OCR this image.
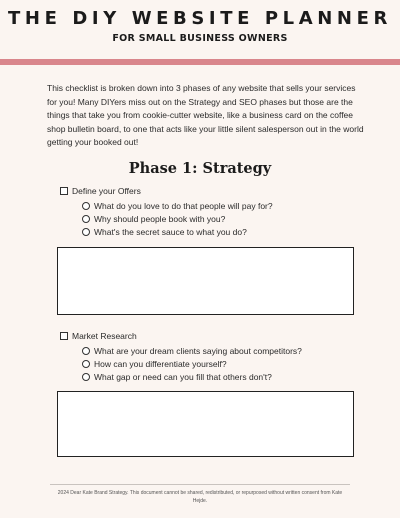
THE DIY WEBSITE PLANNER
FOR SMALL BUSINESS OWNERS
This checklist is broken down into 3 phases of any website that sells your services for you! Many DIYers miss out on the Strategy and SEO phases but those are the things that take you from cookie-cutter website, like a business card on the coffee shop bulletin board, to one that acts like your little silent salesperson out in the world getting your booked out!
Phase 1: Strategy
Define your Offers
What do you love to do that people will pay for?
Why should people book with you?
What's the secret sauce to what you do?
Market Research
What are your dream clients saying about competitors?
How can you differentiate yourself?
What gap or need can you fill that others don't?
2024 Dear Kate Brand Strategy. This document cannot be shared, redistributed, or repurposed without written consent from Kate Hejde.
